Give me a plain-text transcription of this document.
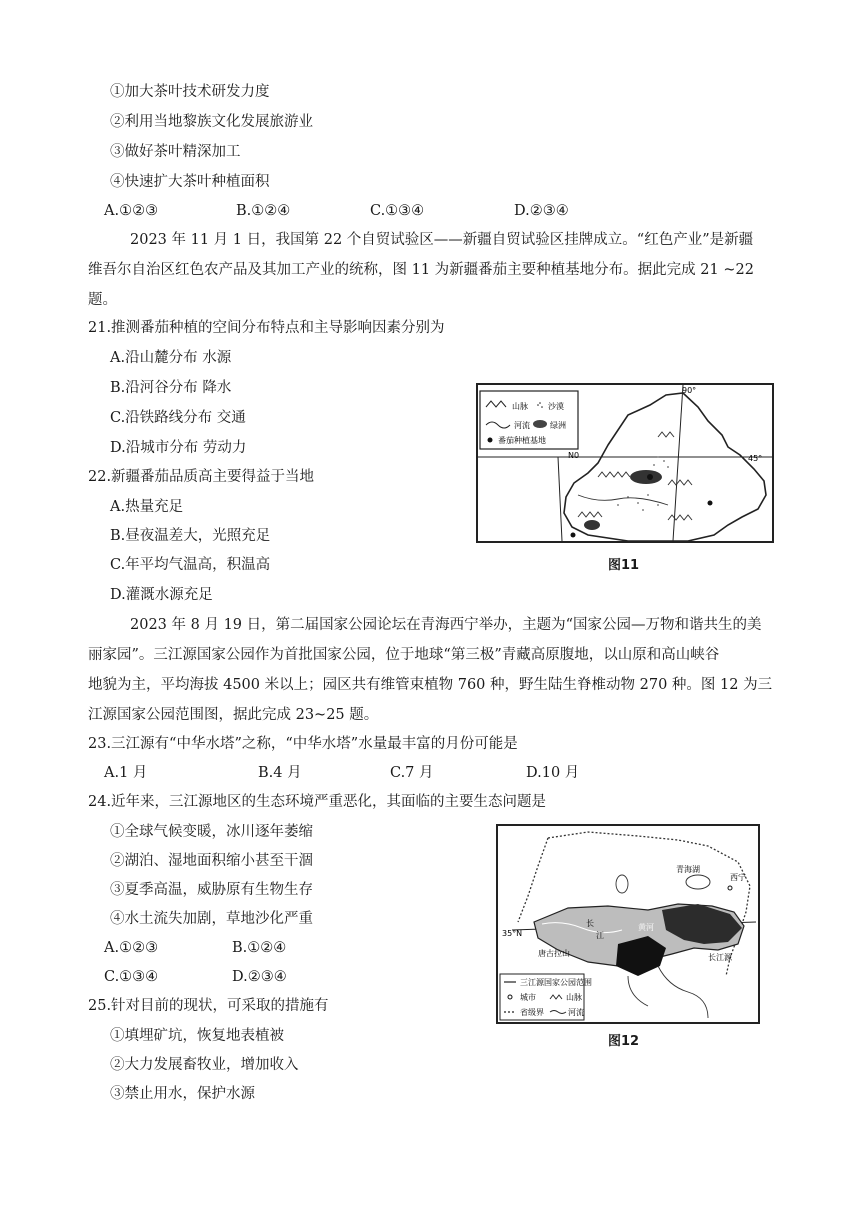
①加大茶叶技术研发力度
②利用当地黎族文化发展旅游业
③做好茶叶精深加工
④快速扩大茶叶种植面积
A.①②③	B.①②④	C.①③④	D.②③④
2023 年 11 月 1 日，我国第 22 个自贸试验区——新疆自贸试验区挂牌成立。“红色产业”是新疆
维吾尔自治区红色农产品及其加工产业的统称，图 11 为新疆番茄主要种植基地分布。据此完成 21 ~22
题。
21.推测番茄种植的空间分布特点和主导影响因素分别为
A.沿山麓分布 水源
B.沿河谷分布 降水
C.沿铁路线分布 交通
D.沿城市分布 劳动力
22.新疆番茄品质高主要得益于当地
A.热量充足
B.昼夜温差大，光照充足
C.年平均气温高，积温高
D.灌溉水源充足
山脉	沙漠
河流	绿洲
番茄种植基地
90°
45°
N0
图11
2023 年 8 月 19 日，第二届国家公园论坛在青海西宁举办，主题为“国家公园—万物和谐共生的美
丽家园”。三江源国家公园作为首批国家公园，位于地球“第三极”青藏高原腹地，以山原和高山峡谷
地貌为主，平均海拔 4500 米以上；园区共有维管束植物 760 种，野生陆生脊椎动物 270 种。图 12 为三
江源国家公园范围图，据此完成 23~25 题。
23.三江源有“中华水塔”之称，“中华水塔”水量最丰富的月份可能是
A.1 月	B.4 月	C.7 月	D.10 月
24.近年来，三江源地区的生态环境严重恶化，其面临的主要生态问题是
①全球气候变暖，冰川逐年萎缩
②湖泊、湿地面积缩小甚至干涸
③夏季高温，威胁原有生物生存
④水土流失加剧，草地沙化严重
A.①②③	B.①②④
C.①③④	D.②③④
25.针对目前的现状，可采取的措施有
①填埋矿坑，恢复地表植被
②大力发展畜牧业，增加收入
③禁止用水，保护水源
青海湖
西宁
35°N
长
江
黄河
唐古拉山	长江源
三江源国家公园范围
城市	山脉
省级界	河流
图12
